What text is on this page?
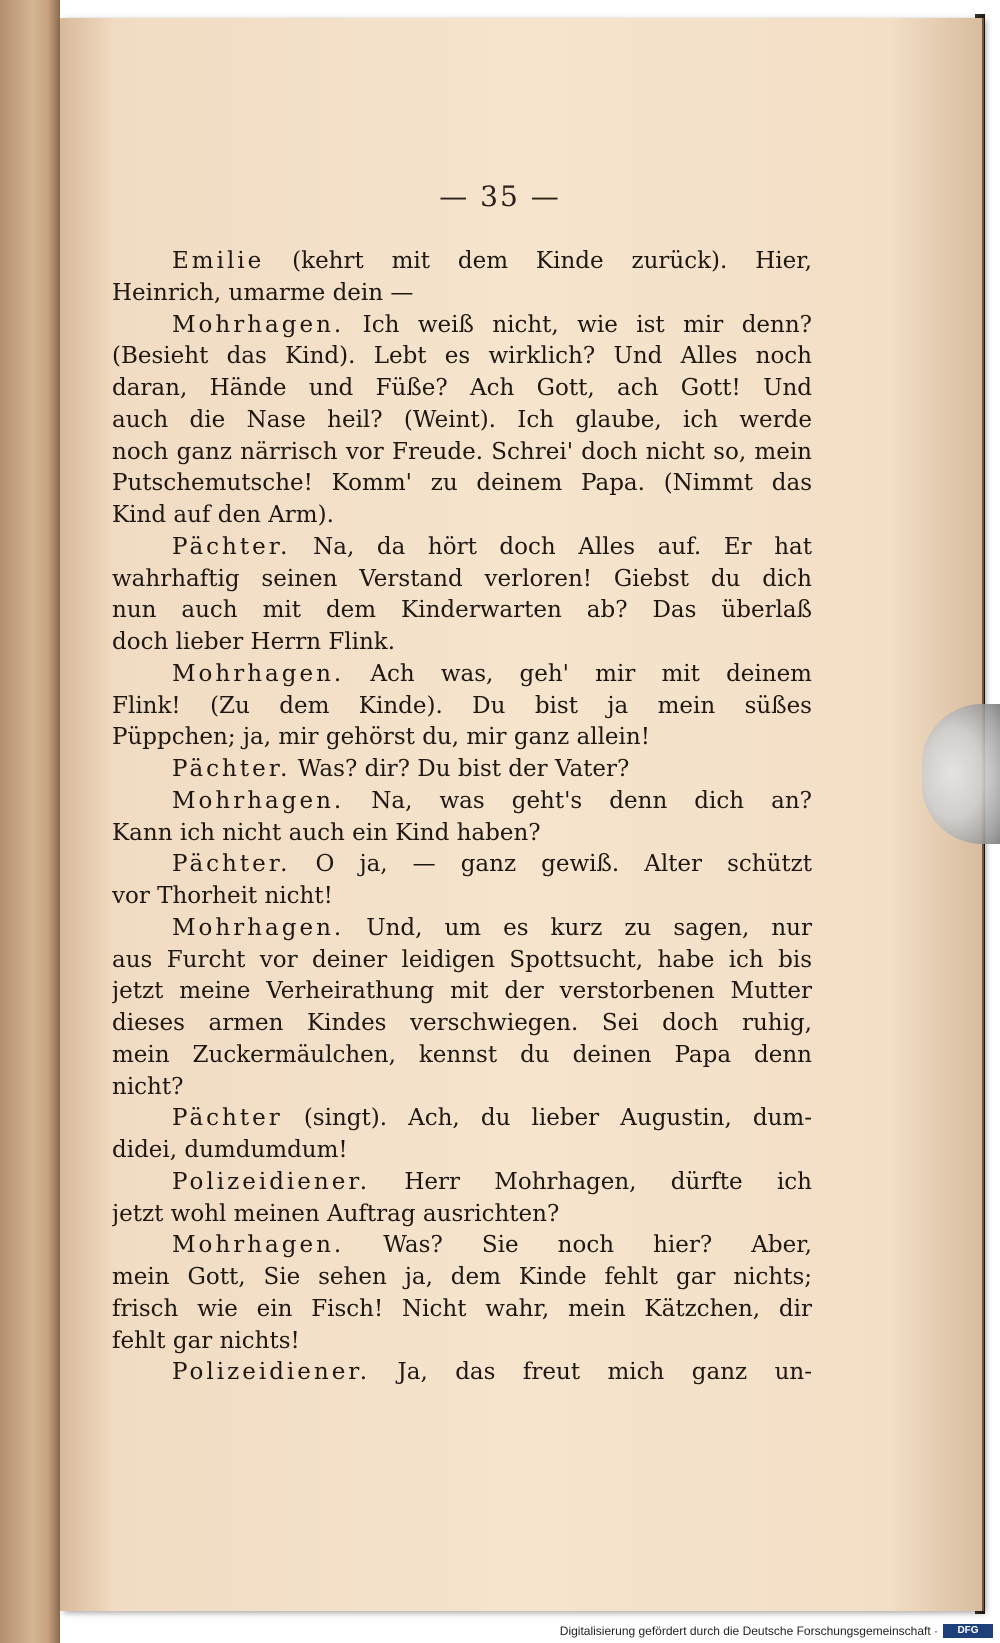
— 35 —
Emilie (kehrt mit dem Kinde zurück). Hier,
Heinrich, umarme dein —
Mohrhagen. Ich weiß nicht, wie ist mir denn?
(Besieht das Kind). Lebt es wirklich? Und Alles noch
daran, Hände und Füße? Ach Gott, ach Gott! Und
auch die Nase heil? (Weint). Ich glaube, ich werde
noch ganz närrisch vor Freude. Schrei' doch nicht so, mein
Putschemutsche! Komm' zu deinem Papa. (Nimmt das
Kind auf den Arm).
Pächter. Na, da hört doch Alles auf. Er hat
wahrhaftig seinen Verstand verloren! Giebst du dich
nun auch mit dem Kinderwarten ab? Das überlaß
doch lieber Herrn Flink.
Mohrhagen. Ach was, geh' mir mit deinem
Flink! (Zu dem Kinde). Du bist ja mein süßes
Püppchen; ja, mir gehörst du, mir ganz allein!
Pächter. Was? dir? Du bist der Vater?
Mohrhagen. Na, was geht's denn dich an?
Kann ich nicht auch ein Kind haben?
Pächter. O ja, — ganz gewiß. Alter schützt
vor Thorheit nicht!
Mohrhagen. Und, um es kurz zu sagen, nur
aus Furcht vor deiner leidigen Spottsucht, habe ich bis
jetzt meine Verheirathung mit der verstorbenen Mutter
dieses armen Kindes verschwiegen. Sei doch ruhig,
mein Zuckermäulchen, kennst du deinen Papa denn
nicht?
Pächter (singt). Ach, du lieber Augustin, dum-
didei, dumdumdum!
Polizeidiener. Herr Mohrhagen, dürfte ich
jetzt wohl meinen Auftrag ausrichten?
Mohrhagen. Was? Sie noch hier? Aber,
mein Gott, Sie sehen ja, dem Kinde fehlt gar nichts;
frisch wie ein Fisch! Nicht wahr, mein Kätzchen, dir
fehlt gar nichts!
Polizeidiener. Ja, das freut mich ganz un-
Digitalisierung gefördert durch die Deutsche Forschungsgemeinschaft ·	DFG
